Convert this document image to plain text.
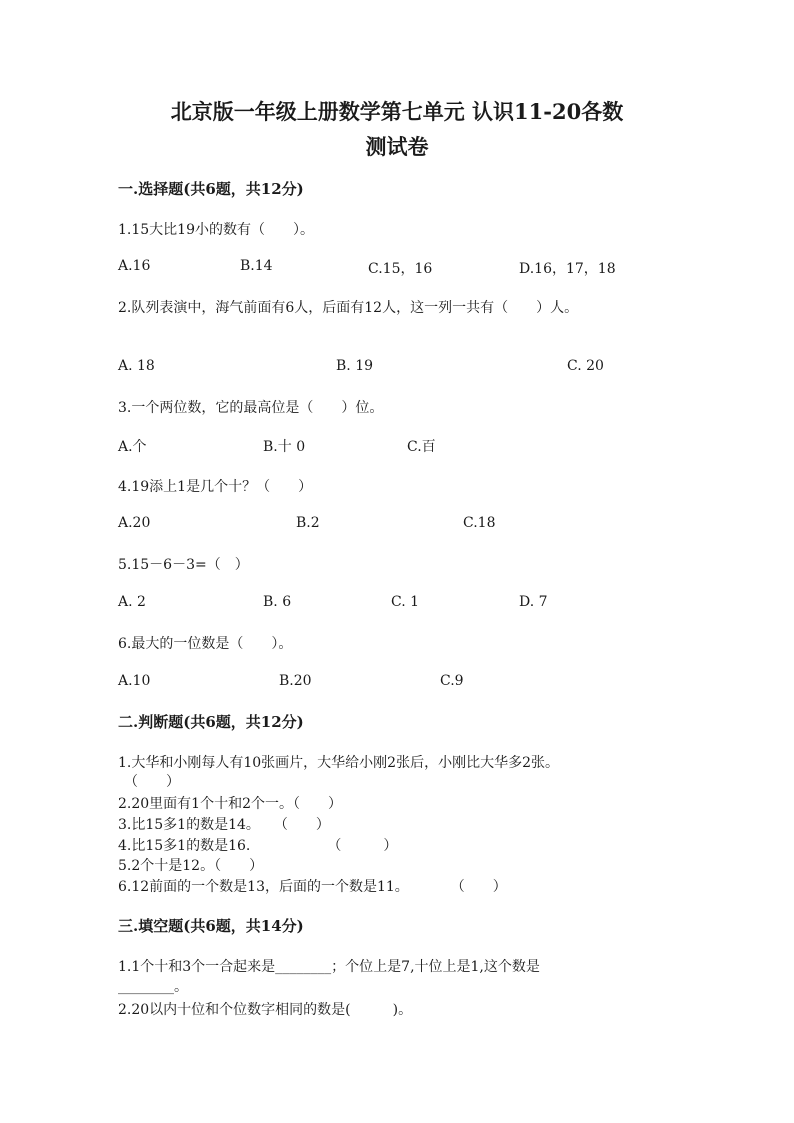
北京版一年级上册数学第七单元 认识11-20各数
测试卷
一.选择题(共6题，共12分)
1.15大比19小的数有（　　）。
A.16	B.14	C.15，16	D.16，17，18
2.队列表演中，海气前面有6人，后面有12人，这一列一共有（　　）人。
A. 18	B. 19	C. 20
3.一个两位数，它的最高位是（　　）位。
A.个	B.十 0	C.百
4.19添上1是几个十？（　　）
A.20	B.2	C.18
5.15－6－3=（　）
A. 2	B. 6	C. 1	D. 7
6.最大的一位数是（　　）。
A.10	B.20	C.9
二.判断题(共6题，共12分)
1.大华和小刚每人有10张画片，大华给小刚2张后，小刚比大华多2张。
（　　）
2.20里面有1个十和2个一。（　　）
3.比15多1的数是14。　　（　　）
4.比15多1的数是16.　　　　　　（　　　）
5.2个十是12。（　　）
6.12前面的一个数是13，后面的一个数是11。　　　　（　　）
三.填空题(共6题，共14分)
1.1个十和3个一合起来是________；个位上是7,十位上是1,这个数是
________。
2.20以内十位和个位数字相同的数是(　　　)。
